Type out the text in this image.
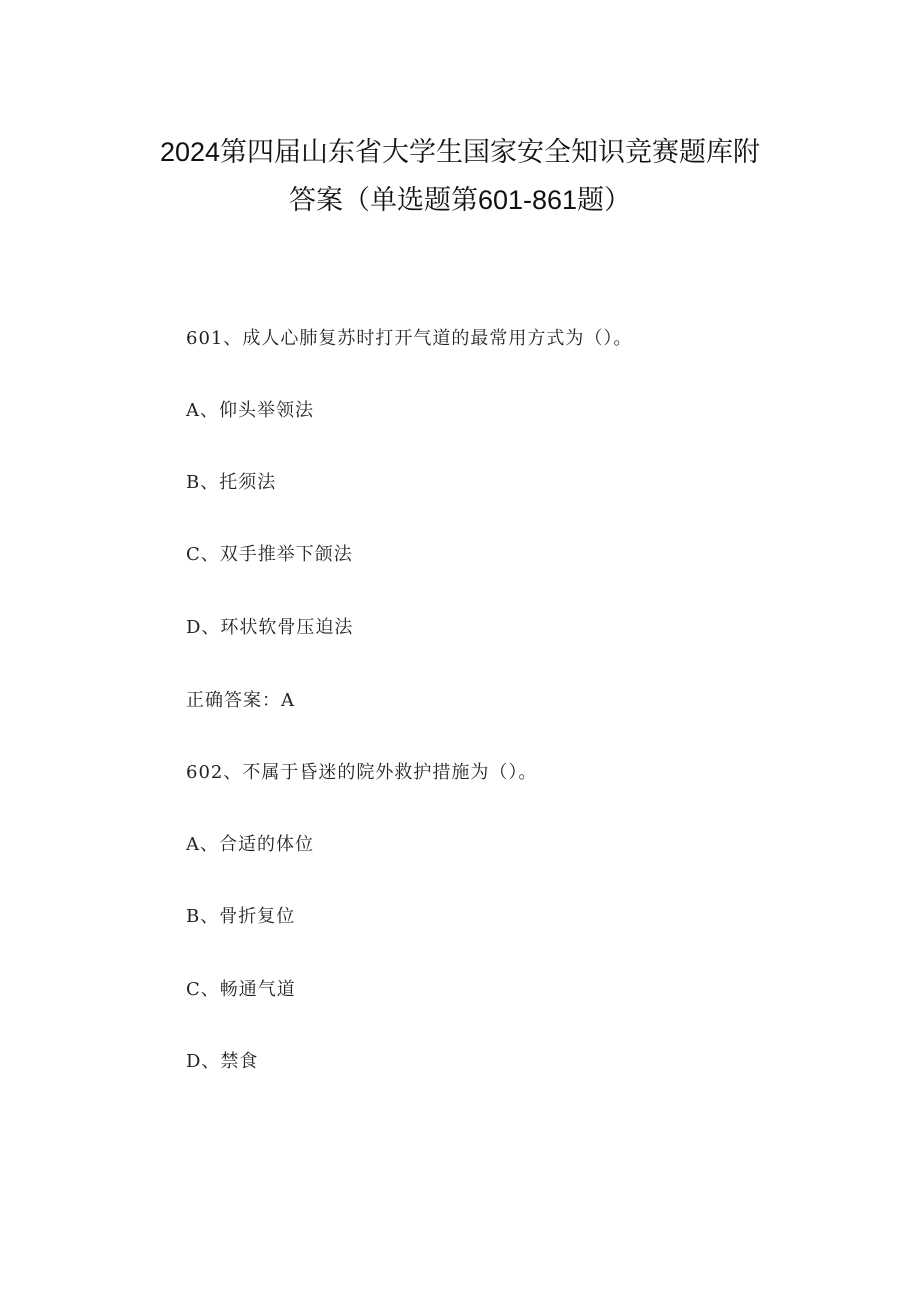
2024第四届山东省大学生国家安全知识竞赛题库附
答案（单选题第601-861题）
601、成人心肺复苏时打开气道的最常用方式为（）。
A、仰头举领法
B、托须法
C、双手推举下颌法
D、环状软骨压迫法
正确答案：A
602、不属于昏迷的院外救护措施为（）。
A、合适的体位
B、骨折复位
C、畅通气道
D、禁食
